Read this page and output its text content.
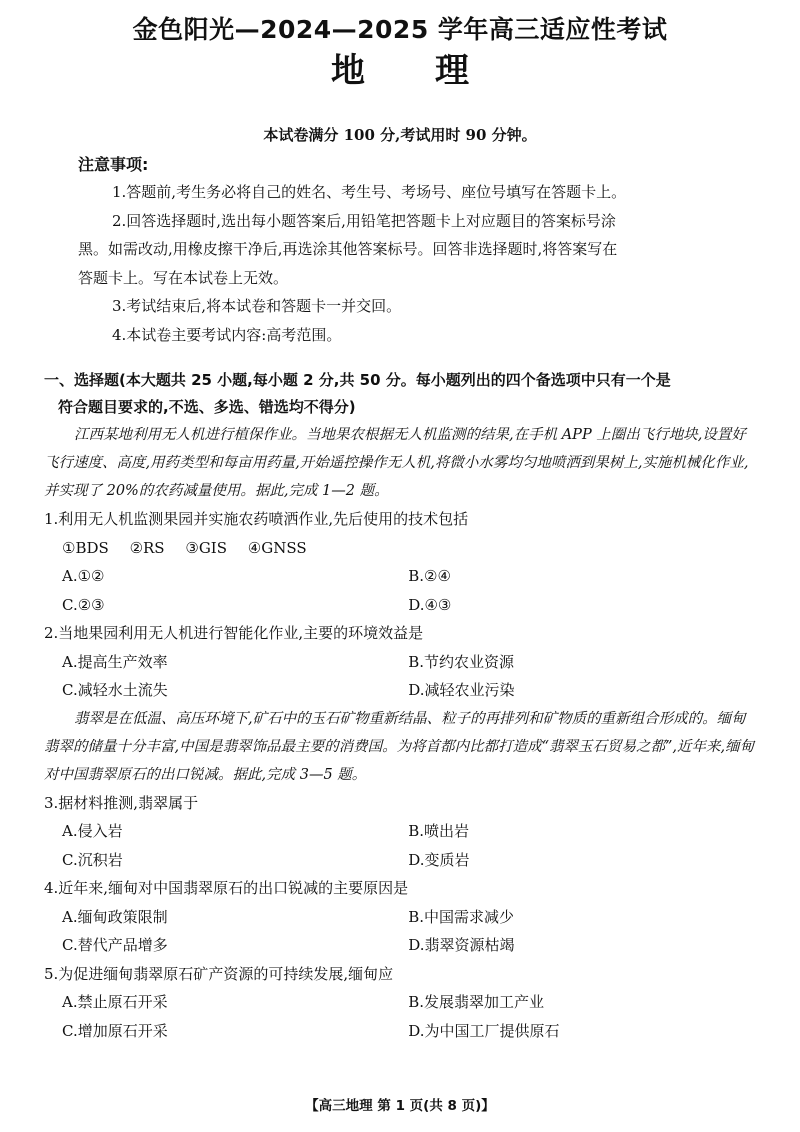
金色阳光—2024—2025 学年高三适应性考试
地理
本试卷满分 100 分,考试用时 90 分钟。
注意事项:

1.答题前,考生务必将自己的姓名、考生号、考场号、座位号填写在答题卡上。

2.回答选择题时,选出每小题答案后,用铅笔把答题卡上对应题目的答案标号涂

黑。如需改动,用橡皮擦干净后,再选涂其他答案标号。回答非选择题时,将答案写在

答题卡上。写在本试卷上无效。

3.考试结束后,将本试卷和答题卡一并交回。

4.本试卷主要考试内容:高考范围。

一、选择题(本大题共 25 小题,每小题 2 分,共 50 分。每小题列出的四个备选项中只有一个是
符合题目要求的,不选、多选、错选均不得分)

江西某地利用无人机进行植保作业。当地果农根据无人机监测的结果,在手机 APP 上圈出飞行地块,设置好飞行速度、高度,用药类型和每亩用药量,开始遥控操作无人机,将微小水雾均匀地喷洒到果树上,实施机械化作业,并实现了 20%的农药减量使用。据此,完成 1—2 题。

1.利用无人机监测果园并实施农药喷洒作业,先后使用的技术包括

①BDS ②RS ③GIS ④GNSS
A.①②	B.②④
C.②③	D.④③

2.当地果园利用无人机进行智能化作业,主要的环境效益是

A.提高生产效率	B.节约农业资源
C.减轻水土流失	D.减轻农业污染

翡翠是在低温、高压环境下,矿石中的玉石矿物重新结晶、粒子的再排列和矿物质的重新组合形成的。缅甸翡翠的储量十分丰富,中国是翡翠饰品最主要的消费国。为将首都内比都打造成“翡翠玉石贸易之都”,近年来,缅甸对中国翡翠原石的出口锐减。据此,完成 3—5 题。

3.据材料推测,翡翠属于

A.侵入岩	B.喷出岩
C.沉积岩	D.变质岩

4.近年来,缅甸对中国翡翠原石的出口锐减的主要原因是

A.缅甸政策限制	B.中国需求减少
C.替代产品增多	D.翡翠资源枯竭

5.为促进缅甸翡翠原石矿产资源的可持续发展,缅甸应

A.禁止原石开采	B.发展翡翠加工产业
C.增加原石开采	D.为中国工厂提供原石
【高三地理 第 1 页(共 8 页)】
